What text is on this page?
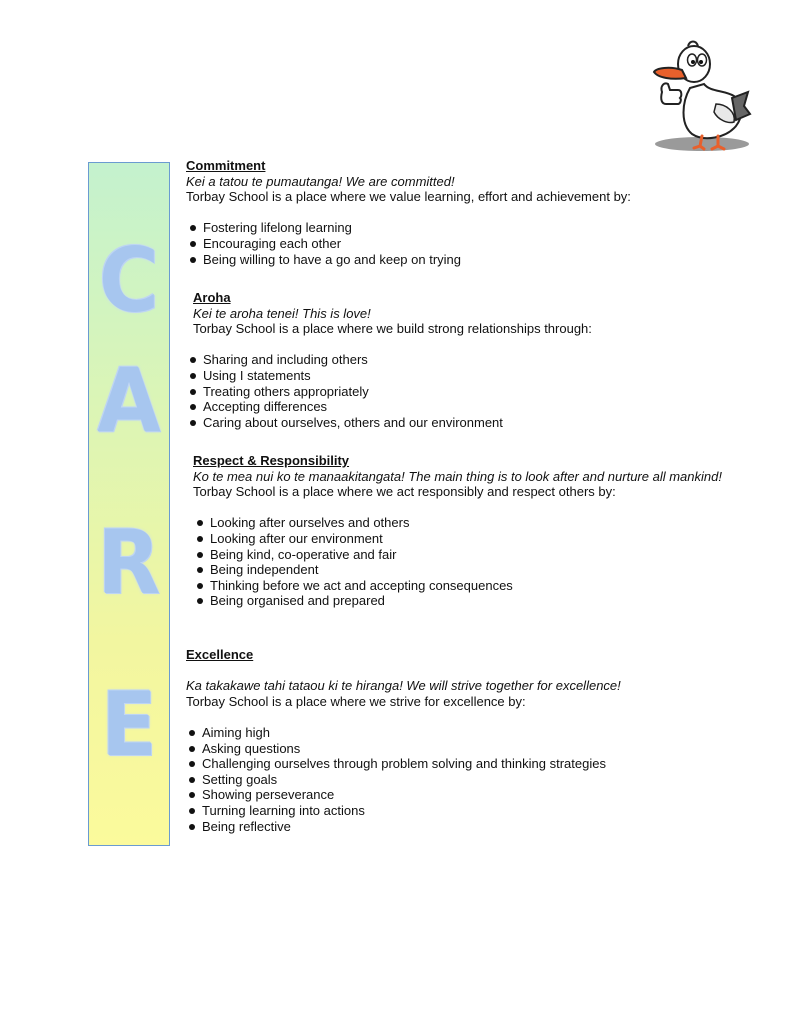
C
A
R
E
Commitment
Kei a tatou te pumautanga! We are committed!
Torbay School is a place where we value learning, effort and achievement by:
Fostering lifelong learning
Encouraging each other
Being willing to have a go and keep on trying
Aroha
Kei te aroha tenei! This is love!
Torbay School is a place where we build strong relationships through:
Sharing and including others
Using I statements
Treating others appropriately
Accepting differences
Caring about ourselves, others and our environment
Respect & Responsibility
Ko te mea nui ko te manaakitangata! The main thing is to look after and nurture all mankind!
Torbay School is a place where we act responsibly and respect others by:
Looking after ourselves and others
Looking after our environment
Being kind, co-operative and fair
Being independent
Thinking before we act and accepting consequences
Being organised and prepared
Excellence
Ka takakawe tahi tataou ki te hiranga! We will strive together for excellence!
Torbay School is a place where we strive for excellence by:
Aiming high
Asking questions
Challenging ourselves through problem solving and thinking strategies
Setting goals
Showing perseverance
Turning learning into actions
Being reflective
